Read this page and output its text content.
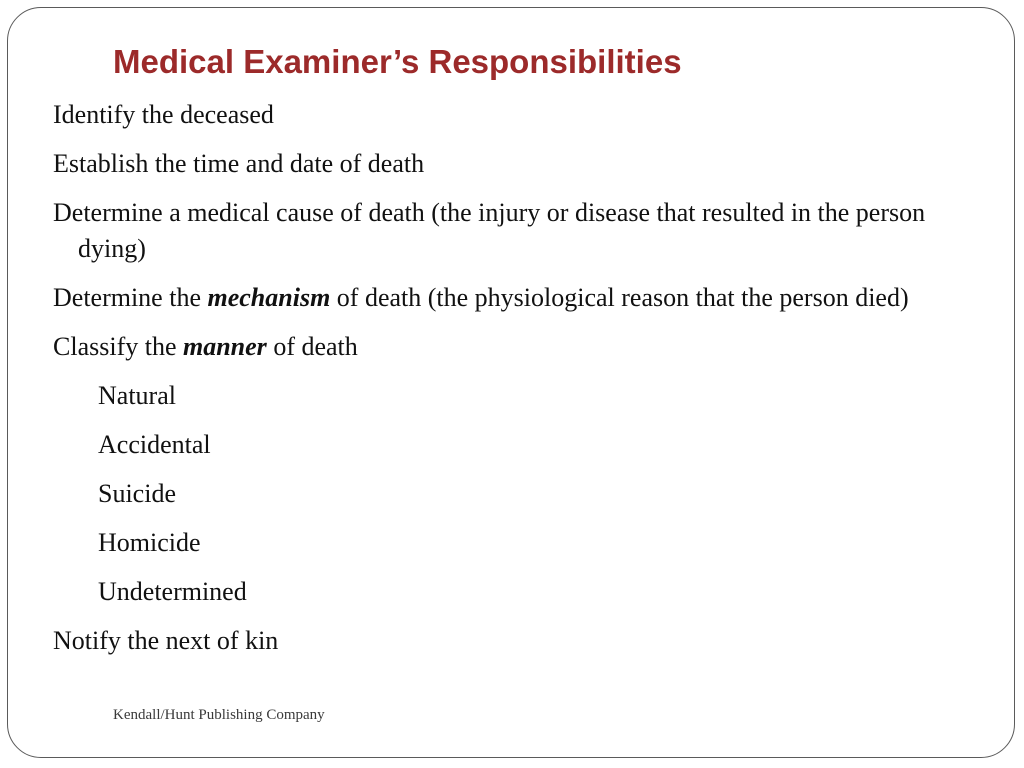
Medical Examiner’s Responsibilities

Identify the deceased

Establish the time and date of death

Determine a medical cause of death (the injury or disease that resulted in the person dying)

Determine the mechanism of death (the physiological reason that the person died)

Classify the manner of death

Natural

Accidental

Suicide

Homicide

Undetermined

Notify the next of kin

Kendall/Hunt Publishing Company
